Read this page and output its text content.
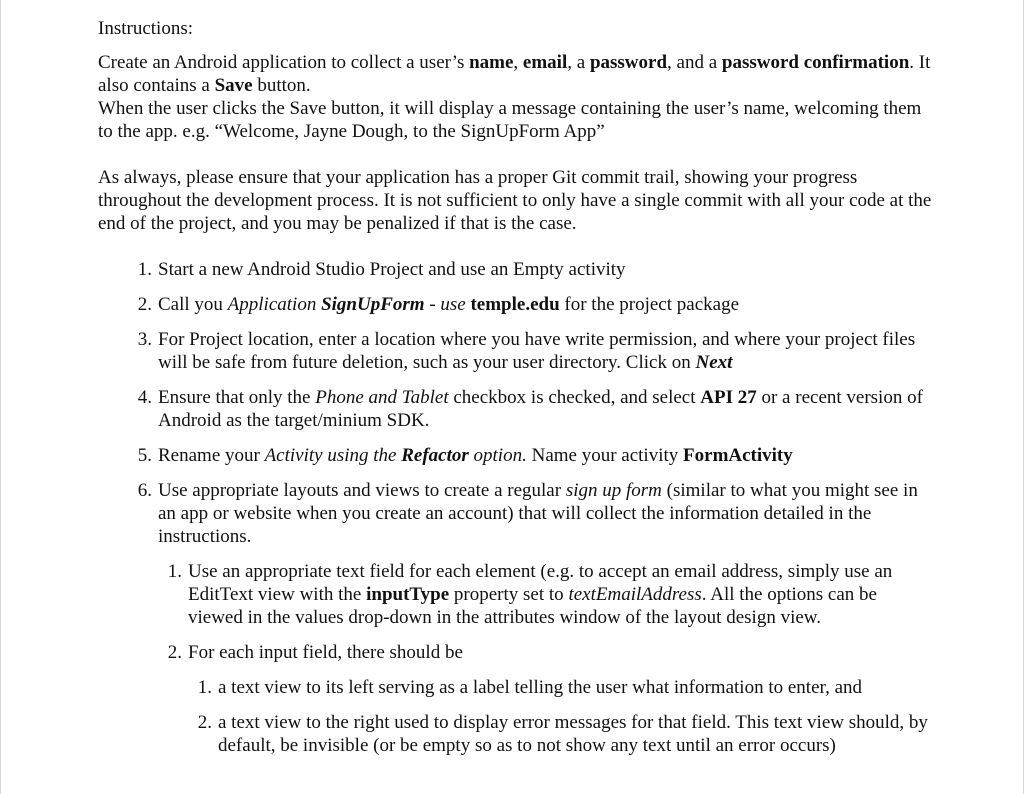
Instructions:

Create an Android application to collect a user’s name, email, a password, and a password confirmation. It also contains a Save button.

When the user clicks the Save button, it will display a message containing the user’s name, welcoming them to the app. e.g. “Welcome, Jayne Dough, to the SignUpForm App”

As always, please ensure that your application has a proper Git commit trail, showing your progress throughout the development process. It is not sufficient to only have a single commit with all your code at the end of the project, and you may be penalized if that is the case.

1. Start a new Android Studio Project and use an Empty activity
2. Call you Application SignUpForm - use temple.edu for the project package
3. For Project location, enter a location where you have write permission, and where your project files will be safe from future deletion, such as your user directory. Click on Next
4. Ensure that only the Phone and Tablet checkbox is checked, and select API 27 or a recent version of Android as the target/minium SDK.
5. Rename your Activity using the Refactor option. Name your activity FormActivity
6. Use appropriate layouts and views to create a regular sign up form (similar to what you might see in an app or website when you create an account) that will collect the information detailed in the instructions.
1. Use an appropriate text field for each element (e.g. to accept an email address, simply use an EditText view with the inputType property set to textEmailAddress. All the options can be viewed in the values drop-down in the attributes window of the layout design view.
2. For each input field, there should be
1. a text view to its left serving as a label telling the user what information to enter, and
2. a text view to the right used to display error messages for that field. This text view should, by default, be invisible (or be empty so as to not show any text until an error occurs)
